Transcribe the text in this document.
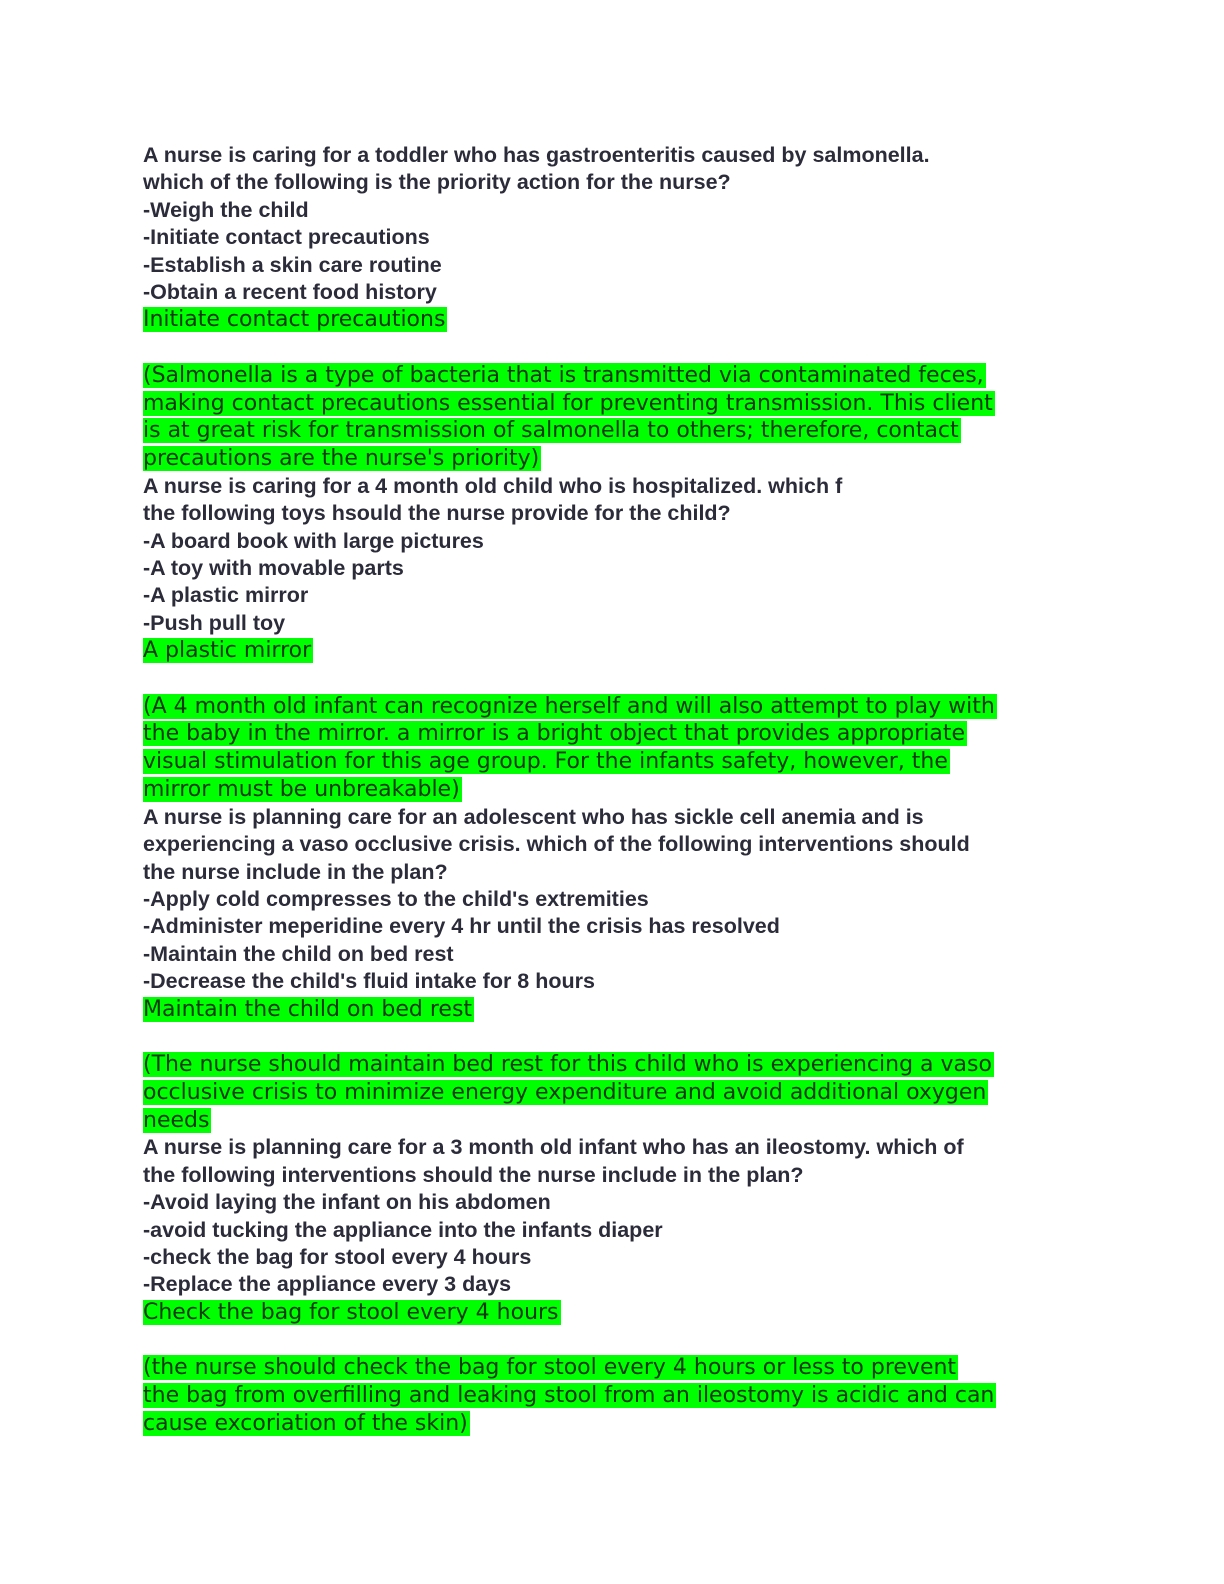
A nurse is caring for a toddler who has gastroenteritis caused by salmonella.
which of the following is the priority action for the nurse?
-Weigh the child
-Initiate contact precautions
-Establish a skin care routine
-Obtain a recent food history
Initiate contact precautions
(Salmonella is a type of bacteria that is transmitted via contaminated feces,
making contact precautions essential for preventing transmission. This client
is at great risk for transmission of salmonella to others; therefore, contact
precautions are the nurse's priority)
A nurse is caring for a 4 month old child who is hospitalized. which f
the following toys hsould the nurse provide for the child?
-A board book with large pictures
-A toy with movable parts
-A plastic mirror
-Push pull toy
A plastic mirror
(A 4 month old infant can recognize herself and will also attempt to play with
the baby in the mirror. a mirror is a bright object that provides appropriate
visual stimulation for this age group. For the infants safety, however, the
mirror must be unbreakable)
A nurse is planning care for an adolescent who has sickle cell anemia and is
experiencing a vaso occlusive crisis. which of the following interventions should
the nurse include in the plan?
-Apply cold compresses to the child's extremities
-Administer meperidine every 4 hr until the crisis has resolved
-Maintain the child on bed rest
-Decrease the child's fluid intake for 8 hours
Maintain the child on bed rest
(The nurse should maintain bed rest for this child who is experiencing a vaso
occlusive crisis to minimize energy expenditure and avoid additional oxygen
needs
A nurse is planning care for a 3 month old infant who has an ileostomy. which of
the following interventions should the nurse include in the plan?
-Avoid laying the infant on his abdomen
-avoid tucking the appliance into the infants diaper
-check the bag for stool every 4 hours
-Replace the appliance every 3 days
Check the bag for stool every 4 hours
(the nurse should check the bag for stool every 4 hours or less to prevent
the bag from overfilling and leaking stool from an ileostomy is acidic and can
cause excoriation of the skin)
